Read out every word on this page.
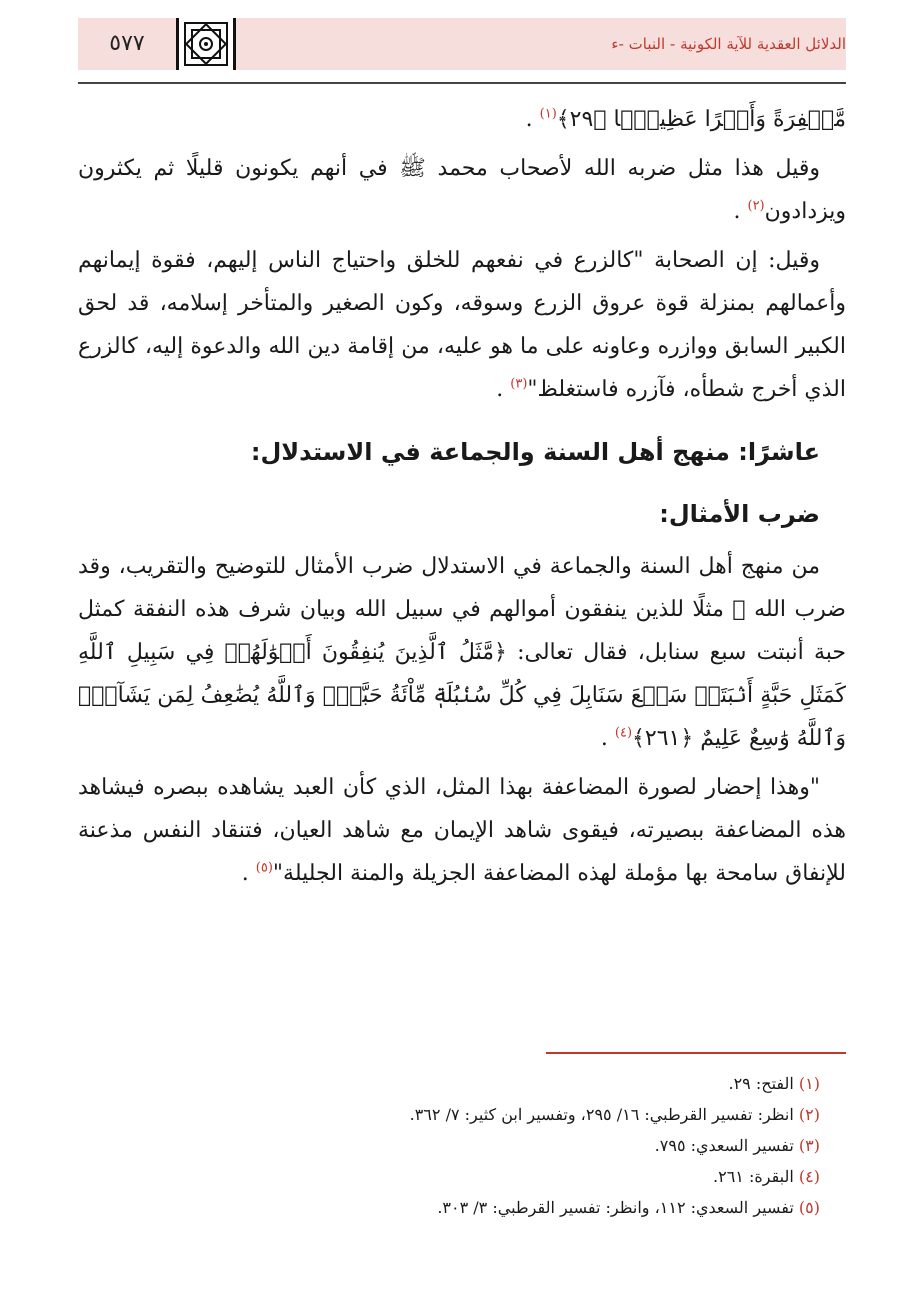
٥٧٧	الدلائل العقدية للآية الكونية - النبات -ء

مَّغۡفِرَةً وَأَجۡرًا عَظِيمًۢا ﴿٢٩﴾$^{(١)}$ .

وقيل هذا مثل ضربه الله لأصحاب محمد ﷺ في أنهم يكونون قليلًا ثم يكثرون ويزدادون$^{(٢)}$ .

وقيل: إن الصحابة "كالزرع في نفعهم للخلق واحتياج الناس إليهم، فقوة إيمانهم وأعمالهم بمنزلة قوة عروق الزرع وسوقه، وكون الصغير والمتأخر إسلامه، قد لحق الكبير السابق ووازره وعاونه على ما هو عليه، من إقامة دين الله والدعوة إليه، كالزرع الذي أخرج شطأه، فآزره فاستغلظ"$^{(٣)}$ .

عاشرًا: منهج أهل السنة والجماعة في الاستدلال:

ضرب الأمثال:

من منهج أهل السنة والجماعة في الاستدلال ضرب الأمثال للتوضيح والتقريب، وقد ضرب الله ﷻ مثلًا للذين ينفقون أموالهم في سبيل الله وبيان شرف هذه النفقة كمثل حبة أنبتت سبع سنابل، فقال تعالى: ﴿مَّثَلُ ٱلَّذِينَ يُنفِقُونَ أَمۡوَٰلَهُمۡ فِي سَبِيلِ ٱللَّهِ كَمَثَلِ حَبَّةٍ أَنۢبَتَتۡ سَبۡعَ سَنَابِلَ فِي كُلِّ سُنۢبُلَةٖ مِّاْئَةُ حَبَّةٖۗ وَٱللَّهُ يُضَٰعِفُ لِمَن يَشَآءُۚ وَٱللَّهُ وَٰسِعٌ عَلِيمٌ ﴿٢٦١﴾$^{(٤)}$ .

"وهذا إحضار لصورة المضاعفة بهذا المثل، الذي كأن العبد يشاهده ببصره فيشاهد هذه المضاعفة ببصيرته، فيقوى شاهد الإيمان مع شاهد العيان، فتنقاد النفس مذعنة للإنفاق سامحة بها مؤملة لهذه المضاعفة الجزيلة والمنة الجليلة"$^{(٥)}$ .

(١) الفتح: ٢٩.

(٢) انظر: تفسير القرطبي: ١٦/ ٢٩٥، وتفسير ابن كثير: ٧/ ٣٦٢.

(٣) تفسير السعدي: ٧٩٥.

(٤) البقرة: ٢٦١.

(٥) تفسير السعدي: ١١٢، وانظر: تفسير القرطبي: ٣/ ٣٠٣.
